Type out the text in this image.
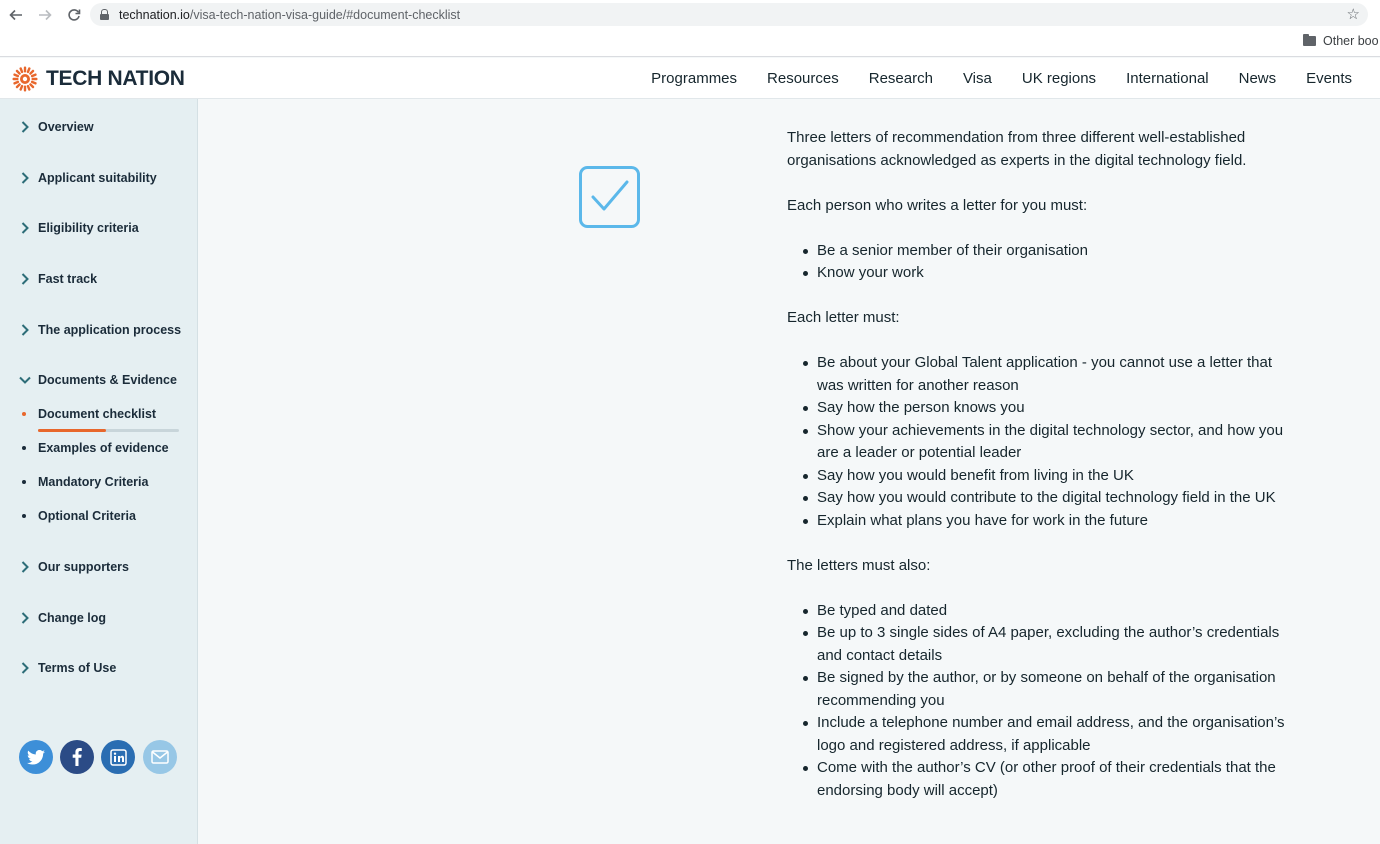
technation.io /visa-tech-nation-visa-guide/#document-checklist	☆
Other boo
TECH NATION	Programmes Resources Research Visa UK regions International News Events
Overview
Applicant suitability
Eligibility criteria
Fast track
The application process
Documents & Evidence
Document checklist
Examples of evidence
Mandatory Criteria
Optional Criteria
Our supporters
Change log
Terms of Use

Three letters of recommendation from three different well-established organisations acknowledged as experts in the digital technology field.

Each person who writes a letter for you must:

Be a senior member of their organisation
Know your work

Each letter must:

Be about your Global Talent application - you cannot use a letter that was written for another reason
Say how the person knows you
Show your achievements in the digital technology sector, and how you are a leader or potential leader
Say how you would benefit from living in the UK
Say how you would contribute to the digital technology field in the UK
Explain what plans you have for work in the future

The letters must also:

Be typed and dated
Be up to 3 single sides of A4 paper, excluding the author’s credentials and contact details
Be signed by the author, or by someone on behalf of the organisation recommending you
Include a telephone number and email address, and the organisation’s logo and registered address, if applicable
Come with the author’s CV (or other proof of their credentials that the endorsing body will accept)
